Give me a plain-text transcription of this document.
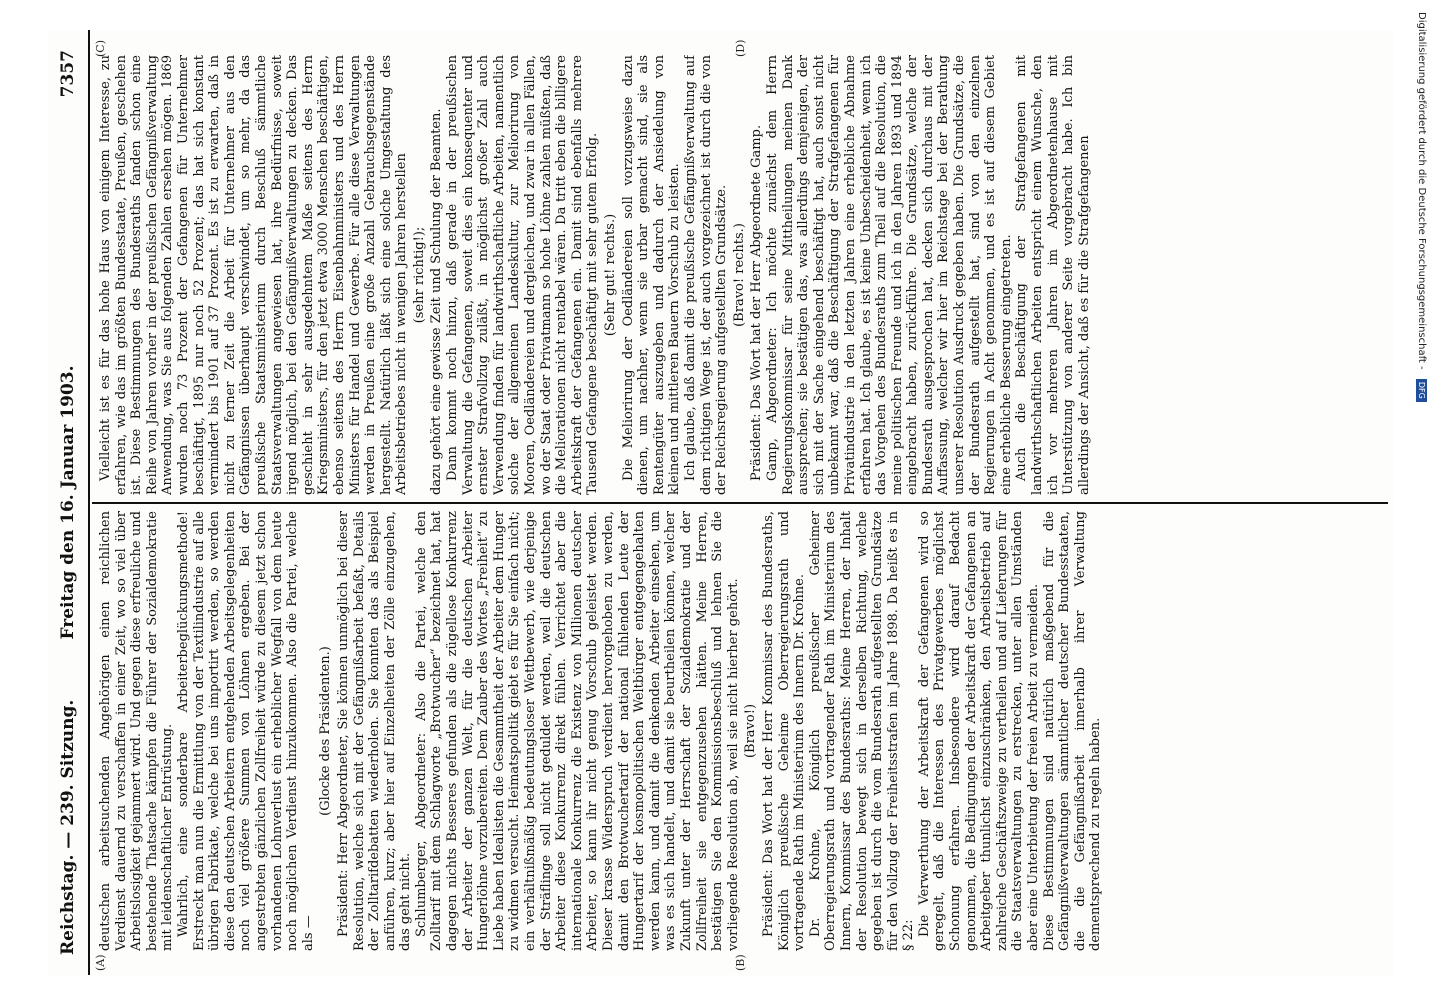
Reichstag. — 239. Sitzung.
Freitag den 16. Januar 1903.
7357
(A)	(B)
(C)	(D)

deutschen arbeitsuchenden Angehörigen einen reichlichen Verdienst dauernd zu verschaffen in einer Zeit, wo so viel über Arbeitslosigkeit gejammert wird. Und gegen diese erfreuliche und bestehende Thatsache kämpfen die Führer der Sozialdemokratie mit leidenschaftlicher Entrüstung. Wahrlich, eine sonderbare Arbeiterbeglückungsmethode! Erstreckt man nun die Ermittlung von der Textilindustrie auf alle übrigen Fabrikate, welche bei uns importirt werden, so werden diese den deutschen Arbeitern entgehenden Arbeitsgelegenheiten noch viel größere Summen von Löhnen ergeben. Bei der angestrebten gänzlichen Zollfreiheit würde zu diesem jetzt schon vorhandenen Lohnverlust ein erheblicher Wegfall von dem heute noch möglichen Verdienst hinzukommen. Also die Partei, welche als —

(Glocke des Präsidenten.) Präsident: Herr Abgeordneter, Sie können unmöglich bei dieser Resolution, welche sich mit der Gefängnißarbeit befaßt, Details der Zolltarifdebatten wiederholen. Sie konnten das als Beispiel anführen, kurz; aber hier auf Einzelheiten der Zölle einzugehen, das geht nicht. Schlumberger, Abgeordneter: Also die Partei, welche den Zolltarif mit dem Schlagworte „Brotwucher“ bezeichnet hat, hat dagegen nichts Besseres gefunden als die zügellose Konkurrenz der Arbeiter der ganzen Welt, für die deutschen Arbeiter Hungerlöhne vorzubereiten. Dem Zauber des Wortes „Freiheit“ zu Liebe haben Idealisten die Gesammtheit der Arbeiter dem Hunger zu widmen versucht. Heimatspolitik giebt es für Sie einfach nicht; ein verhältnißmäßig bedeutungsloser Wettbewerb, wie derjenige der Sträflinge soll nicht geduldet werden, weil die deutschen Arbeiter diese Konkurrenz direkt fühlen. Verrichtet aber die internationale Konkurrenz die Existenz von Millionen deutscher Arbeiter, so kann ihr nicht genug Vorschub geleistet werden. Dieser krasse Widerspruch verdient hervorgehoben zu werden, damit den Brotwuchertarif der national fühlenden Leute der Hungertarif der kosmopolitischen Weltbürger entgegengehalten werden kann, und damit die denkenden Arbeiter einsehen, um was es sich handelt, und damit sie beurtheilen können, welcher Zukunft unter der Herrschaft der Sozialdemokratie und der Zollfreiheit sie entgegenzusehen hätten. Meine Herren, bestätigen Sie den Kommissionsbeschluß und lehnen Sie die vorliegende Resolution ab, weil sie nicht hierher gehört. (Bravo!) Präsident: Das Wort hat der Herr Kommissar des Bundesraths, Königlich preußische Geheime Oberregierungsrath und vortragende Rath im Ministerium des Innern Dr. Krohne. Dr. Krohne, Königlich preußischer Geheimer Oberregierungsrath und vortragender Rath im Ministerium des Innern, Kommissar des Bundesraths: Meine Herren, der Inhalt der Resolution bewegt sich in derselben Richtung, welche gegeben ist durch die vom Bundesrath aufgestellten Grundsätze für den Vollzug der Freiheitsstrafen im Jahre 1898. Da heißt es in § 22: Die Verwerthung der Arbeitskraft der Gefangenen wird so geregelt, daß die Interessen des Privatgewerbes möglichst Schonung erfahren. Insbesondere wird darauf Bedacht genommen, die Bedingungen der Arbeitskraft der Gefangenen an Arbeitgeber thunlichst einzuschränken, den Arbeitsbetrieb auf zahlreiche Geschäftszweige zu vertheilen und auf Lieferungen für die Staatsverwaltungen zu erstrecken, unter allen Umständen aber eine Unterbietung der freien Arbeit zu vermeiden. Diese Bestimmungen sind natürlich maßgebend für die Gefängnißverwaltungen sämmtlicher deutscher Bundesstaaten, die die Gefängnißarbeit innerhalb ihrer Verwaltung dementsprechend zu regeln haben.

Vielleicht ist es für das hohe Haus von einigem Interesse, zu erfahren, wie das im größten Bundesstaate, Preußen, geschehen ist. Diese Bestimmungen des Bundesraths fanden schon eine Reihe von Jahren vorher in der preußischen Gefängnißverwaltung Anwendung, was Sie aus folgenden Zahlen ersehen mögen. 1869 wurden noch 73 Prozent der Gefangenen für Unternehmer beschäftigt, 1895 nur noch 52 Prozent; das hat sich konstant vermindert bis 1901 auf 37 Prozent. Es ist zu erwarten, daß in nicht zu ferner Zeit die Arbeit für Unternehmer aus den Gefängnissen überhaupt verschwindet, um so mehr, da das preußische Staatsministerium durch Beschluß sämmtliche Staatsverwaltungen angewiesen hat, ihre Bedürfnisse, soweit irgend möglich, bei den Gefängnißverwaltungen zu decken. Das geschieht in sehr ausgedehntem Maße seitens des Herrn Kriegsministers, für den jetzt etwa 3000 Menschen beschäftigen, ebenso seitens des Herrn Eisenbahnministers und des Herrn Ministers für Handel und Gewerbe. Für alle diese Verwaltungen werden in Preußen eine große Anzahl Gebrauchsgegenstände hergestellt. Natürlich läßt sich eine solche Umgestaltung des Arbeitsbetriebes nicht in wenigen Jahren herstellen (sehr richtig!); dazu gehört eine gewisse Zeit und Schulung der Beamten. Dann kommt noch hinzu, daß gerade in der preußischen Verwaltung die Gefangenen, soweit dies ein konsequenter und ernster Strafvollzug zuläßt, in möglichst großer Zahl auch Verwendung finden für landwirthschaftliche Arbeiten, namentlich solche der allgemeinen Landeskultur, zur Meliorirung von Mooren, Oedländereien und dergleichen, und zwar in allen Fällen, wo der Staat oder Privatmann so hohe Löhne zahlen müßten, daß die Meliorationen nicht rentabel wären. Da tritt eben die billigere Arbeitskraft der Gefangenen ein. Damit sind ebenfalls mehrere Tausend Gefangene beschäftigt mit sehr gutem Erfolg. (Sehr gut! rechts.) Die Meliorirung der Oedländereien soll vorzugsweise dazu dienen, um nachher, wenn sie urbar gemacht sind, sie als Rentengüter auszugeben und dadurch der Ansiedelung von kleinen und mittleren Bauern Vorschub zu leisten. Ich glaube, daß damit die preußische Gefängnißverwaltung auf dem richtigen Wege ist, der auch vorgezeichnet ist durch die von der Reichsregierung aufgestellten Grundsätze. (Bravo! rechts.) Präsident: Das Wort hat der Herr Abgeordnete Gamp. Gamp, Abgeordneter: Ich möchte zunächst dem Herrn Regierungskommissar für seine Mittheilungen meinen Dank aussprechen; sie bestätigen das, was allerdings demjenigen, der sich mit der Sache eingehend beschäftigt hat, auch sonst nicht unbekannt war, daß die Beschäftigung der Strafgefangenen für Privatindustrie in den letzten Jahren eine erhebliche Abnahme erfahren hat. Ich glaube, es ist keine Unbescheidenheit, wenn ich das Vorgehen des Bundesraths zum Theil auf die Resolution, die meine politischen Freunde und ich in den Jahren 1893 und 1894 eingebracht haben, zurückführe. Die Grundsätze, welche der Bundesrath ausgesprochen hat, decken sich durchaus mit der Auffassung, welcher wir hier im Reichstage bei der Berathung unserer Resolution Ausdruck gegeben haben. Die Grundsätze, die der Bundesrath aufgestellt hat, sind von den einzelnen Regierungen in Acht genommen, und es ist auf diesem Gebiet eine erhebliche Besserung eingetreten. Auch die Beschäftigung der Strafgefangenen mit landwirthschaftlichen Arbeiten entspricht einem Wunsche, den ich vor mehreren Jahren im Abgeordnetenhause mit Unterstützung von anderer Seite vorgebracht habe. Ich bin allerdings der Ansicht, daß es für die Strafgefangenen	Digitalisierung gefördert durch die Deutsche Forschungsgemeinschaft - DFG
